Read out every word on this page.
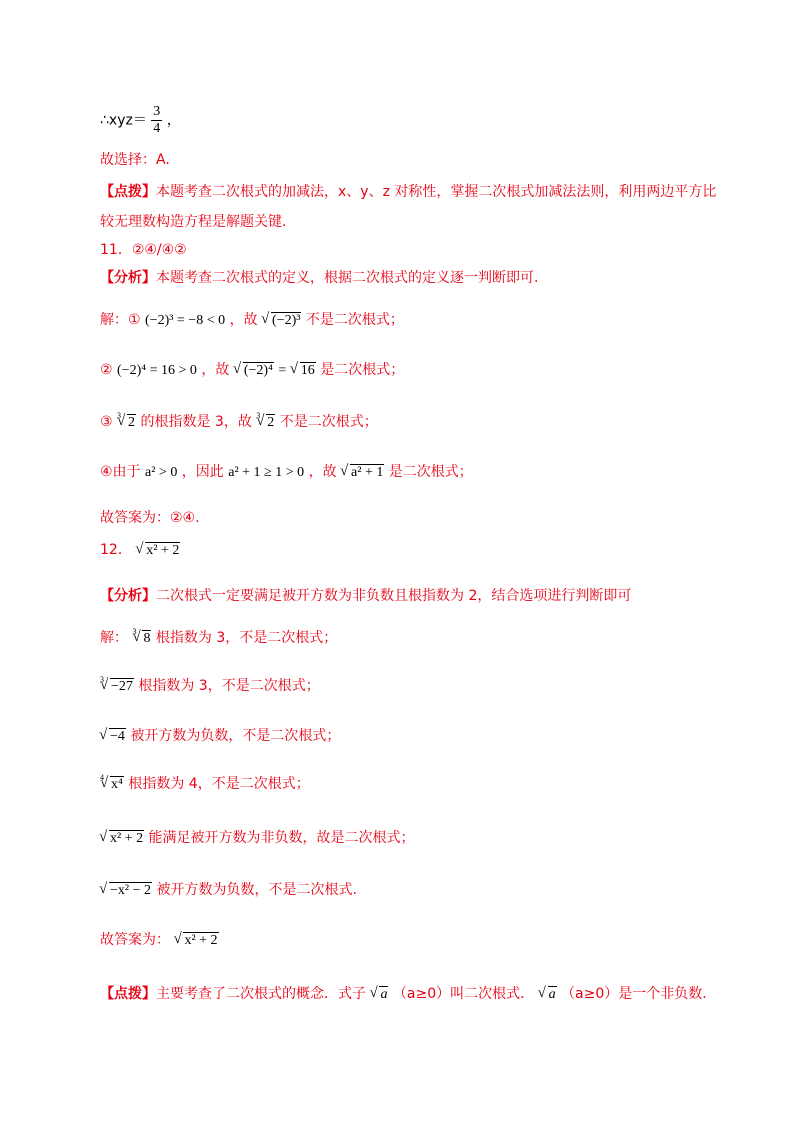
∴xyz＝ $\frac{3}{4}$ ，
故选择：A.
【点拨】本题考查二次根式的加减法，x、y、z 对称性，掌握二次根式加减法法则，利用两边平方比
较无理数构造方程是解题关键.
11．②④/④②
【分析】本题考查二次根式的定义，根据二次根式的定义逐一判断即可.
解：① (−2)³ = −8 < 0 ，故 √ (−2)³ 不是二次根式；
② (−2)⁴ = 16 > 0 ，故 √ (−2)⁴ = √ 16 是二次根式；
③ $^3$ √ 2 的根指数是 3，故 $^3$ √ 2 不是二次根式；
④由于 a² > 0 ，因此 a² + 1 ≥ 1 > 0 ，故 √ a² + 1 是二次根式；
故答案为：②④.
12． √ x² + 2
【分析】二次根式一定要满足被开方数为非负数且根指数为 2，结合选项进行判断即可
解： $^3$ √ 8 根指数为 3，不是二次根式；
$^3$ √ −27 根指数为 3，不是二次根式；
√ −4 被开方数为负数，不是二次根式；
$^4$ √ x⁴ 根指数为 4，不是二次根式；
√ x² + 2 能满足被开方数为非负数，故是二次根式；
√ −x² − 2 被开方数为负数，不是二次根式.
故答案为： √ x² + 2
【点拨】主要考查了二次根式的概念．式子 √ a （a≥0）叫二次根式． √ a （a≥0）是一个非负数.
